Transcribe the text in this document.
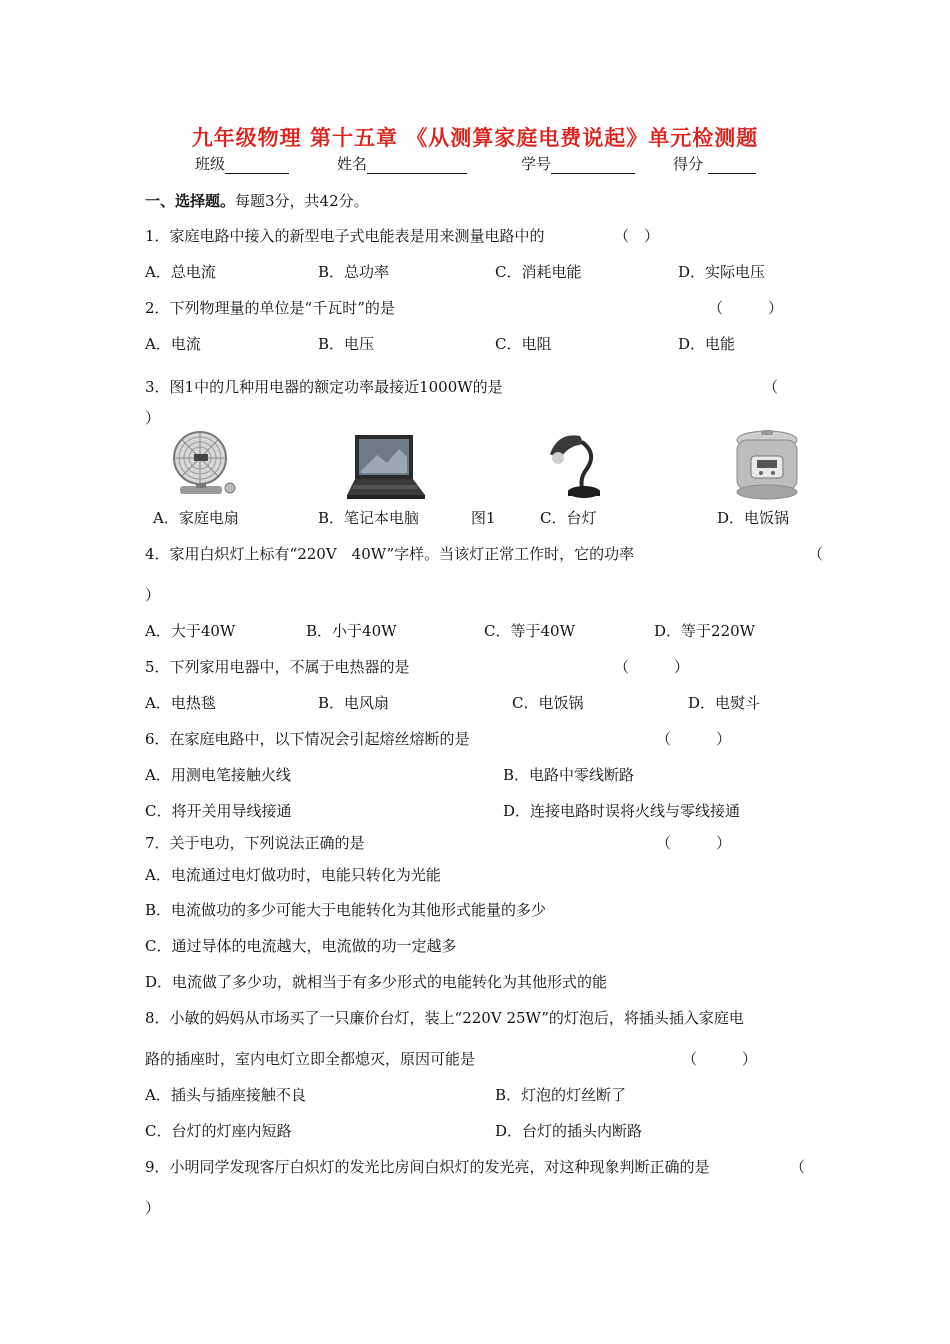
九年级物理 第十五章 《从测算家庭电费说起》单元检测题
班级	姓名	学号	得分
一、选择题。每题3分，共42分。
1．家庭电路中接入的新型电子式电能表是用来测量电路中的	（　）
A．总电流	B．总功率	C．消耗电能	D．实际电压
2．下列物理量的单位是“千瓦时”的是	（　　　）
A．电流	B．电压	C．电阻	D．电能
3．图1中的几种用电器的额定功率最接近1000W的是	（
）
A．家庭电扇	B．笔记本电脑	图1	C．台灯	D．电饭锅
4．家用白炽灯上标有“220V　40W”字样。当该灯正常工作时，它的功率	（
）
A．大于40W	B．小于40W	C．等于40W	D．等于220W
5．下列家用电器中，不属于电热器的是	（　　　）
A．电热毯	B．电风扇	C．电饭锅	D．电熨斗
6．在家庭电路中，以下情况会引起熔丝熔断的是	（　　　）
A．用测电笔接触火线	B．电路中零线断路
C．将开关用导线接通	D．连接电路时误将火线与零线接通
7．关于电功，下列说法正确的是	（　　　）
A．电流通过电灯做功时，电能只转化为光能
B．电流做功的多少可能大于电能转化为其他形式能量的多少
C．通过导体的电流越大，电流做的功一定越多
D．电流做了多少功，就相当于有多少形式的电能转化为其他形式的能
8．小敏的妈妈从市场买了一只廉价台灯，装上“220V 25W”的灯泡后，将插头插入家庭电
路的插座时，室内电灯立即全都熄灭，原因可能是	（　　　）
A．插头与插座接触不良	B．灯泡的灯丝断了
C．台灯的灯座内短路	D．台灯的插头内断路
9．小明同学发现客厅白炽灯的发光比房间白炽灯的发光亮，对这种现象判断正确的是	（
）
